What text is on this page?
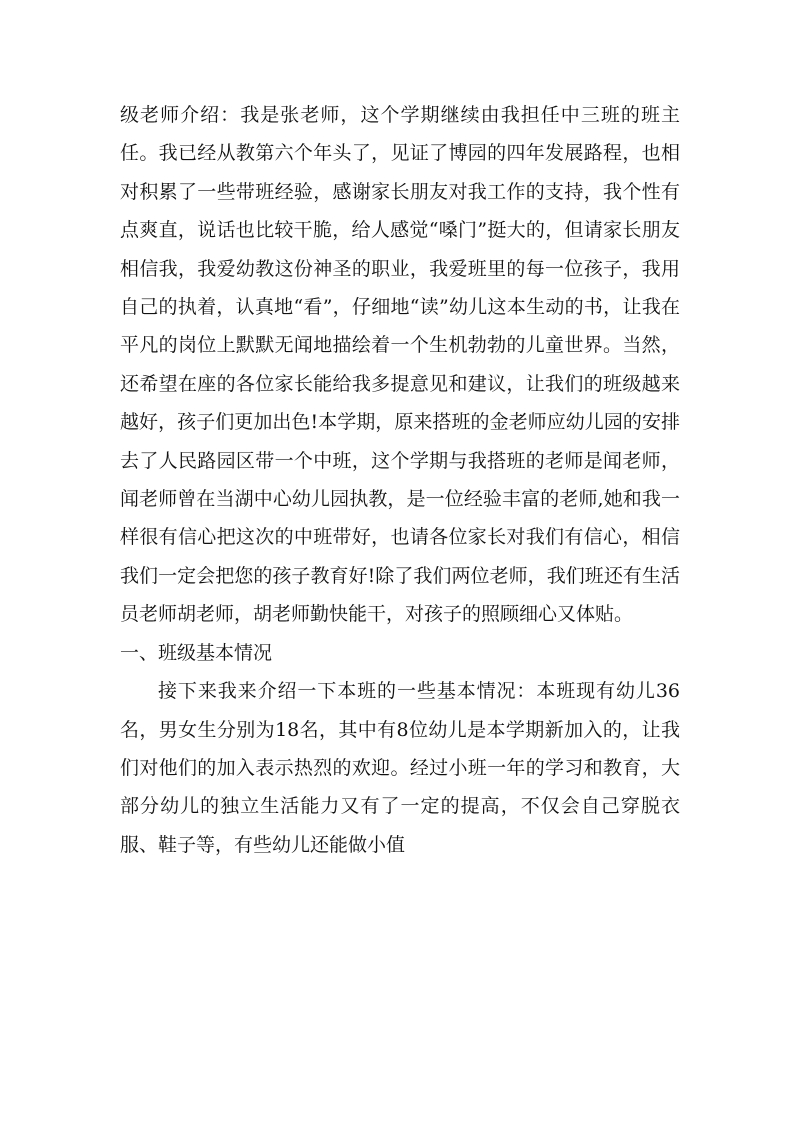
级老师介绍：我是张老师，这个学期继续由我担任中三班的班主任。我已经从教第六个年头了，见证了博园的四年发展路程，也相对积累了一些带班经验，感谢家长朋友对我工作的支持，我个性有点爽直，说话也比较干脆，给人感觉“嗓门”挺大的，但请家长朋友相信我，我爱幼教这份神圣的职业，我爱班里的每一位孩子，我用自己的执着，认真地“看”，仔细地“读”幼儿这本生动的书，让我在平凡的岗位上默默无闻地描绘着一个生机勃勃的儿童世界。当然，还希望在座的各位家长能给我多提意见和建议，让我们的班级越来越好，孩子们更加出色!本学期，原来搭班的金老师应幼儿园的安排去了人民路园区带一个中班，这个学期与我搭班的老师是闻老师，闻老师曾在当湖中心幼儿园执教，是一位经验丰富的老师,她和我一样很有信心把这次的中班带好，也请各位家长对我们有信心，相信我们一定会把您的孩子教育好!除了我们两位老师，我们班还有生活员老师胡老师，胡老师勤快能干，对孩子的照顾细心又体贴。

一、班级基本情况

接下来我来介绍一下本班的一些基本情况：本班现有幼儿36名，男女生分别为18名，其中有8位幼儿是本学期新加入的，让我们对他们的加入表示热烈的欢迎。经过小班一年的学习和教育，大部分幼儿的独立生活能力又有了一定的提高，不仅会自己穿脱衣服、鞋子等，有些幼儿还能做小值
